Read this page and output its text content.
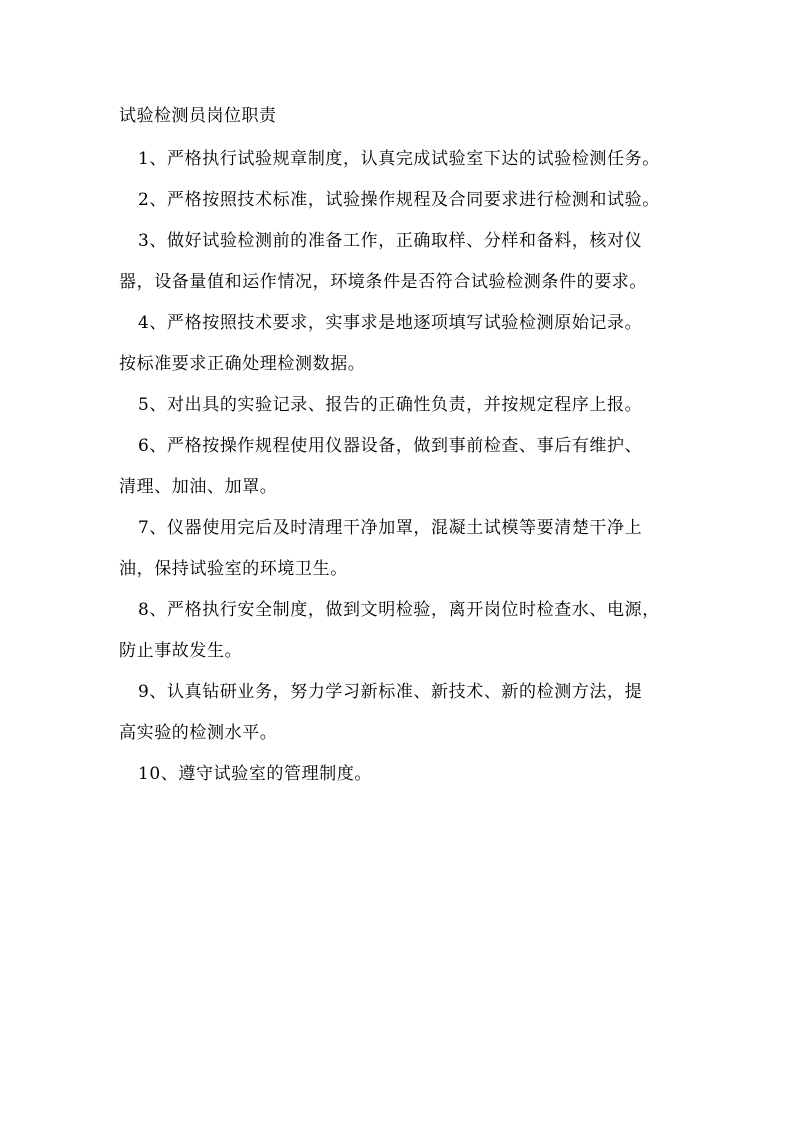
试验检测员岗位职责
1、严格执行试验规章制度，认真完成试验室下达的试验检测任务。
2、严格按照技术标准，试验操作规程及合同要求进行检测和试验。
3、做好试验检测前的准备工作，正确取样、分样和备料，核对仪
器，设备量值和运作情况，环境条件是否符合试验检测条件的要求。
4、严格按照技术要求，实事求是地逐项填写试验检测原始记录。
按标准要求正确处理检测数据。
5、对出具的实验记录、报告的正确性负责，并按规定程序上报。
6、严格按操作规程使用仪器设备，做到事前检查、事后有维护、
清理、加油、加罩。
7、仪器使用完后及时清理干净加罩，混凝土试模等要清楚干净上
油，保持试验室的环境卫生。
8、严格执行安全制度，做到文明检验，离开岗位时检查水、电源，
防止事故发生。
9、认真钻研业务，努力学习新标准、新技术、新的检测方法，提
高实验的检测水平。
10、遵守试验室的管理制度。
